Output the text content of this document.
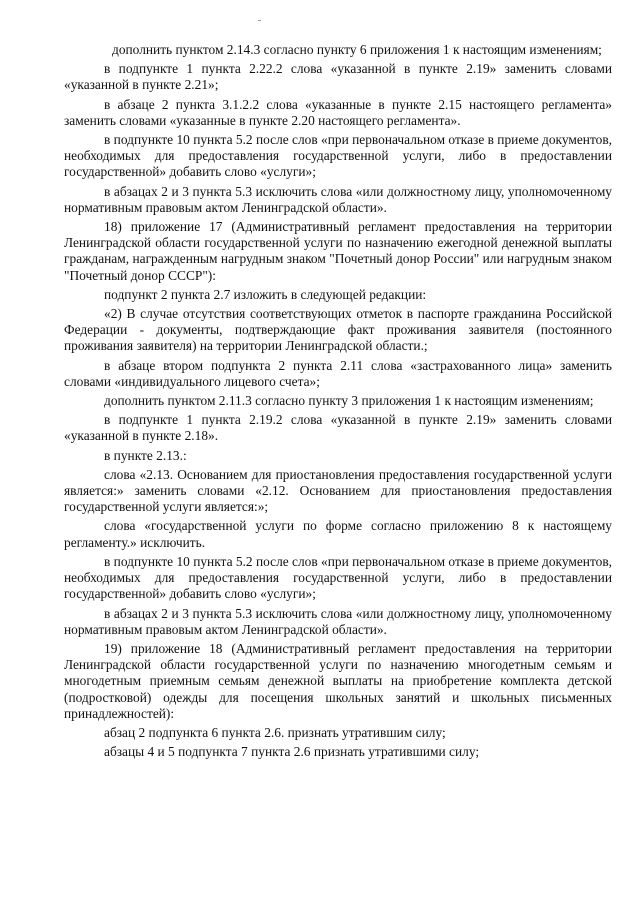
дополнить пунктом 2.14.3 согласно пункту 6 приложения 1 к настоящим изменениям;

в подпункте 1 пункта 2.22.2 слова «указанной в пункте 2.19» заменить словами «указанной в пункте 2.21»;

в абзаце 2 пункта 3.1.2.2 слова «указанные в пункте 2.15 настоящего регламента» заменить словами «указанные в пункте 2.20 настоящего регламента».

в подпункте 10 пункта 5.2 после слов «при первоначальном отказе в приеме документов, необходимых для предоставления государственной услуги, либо в предоставлении государственной» добавить слово «услуги»;

в абзацах 2 и 3 пункта 5.3 исключить слова «или должностному лицу, уполномоченному нормативным правовым актом Ленинградской области».

18) приложение 17 (Административный регламент предоставления на территории Ленинградской области государственной услуги по назначению ежегодной денежной выплаты гражданам, награжденным нагрудным знаком "Почетный донор России" или нагрудным знаком "Почетный донор СССР"):

подпункт 2 пункта 2.7 изложить в следующей редакции:

«2) В случае отсутствия соответствующих отметок в паспорте гражданина Российской Федерации - документы, подтверждающие факт проживания заявителя (постоянного проживания заявителя) на территории Ленинградской области.;

в абзаце втором подпункта 2 пункта 2.11 слова «застрахованного лица» заменить словами «индивидуального лицевого счета»;

дополнить пунктом 2.11.3 согласно пункту 3 приложения 1 к настоящим изменениям;

в подпункте 1 пункта 2.19.2 слова «указанной в пункте 2.19» заменить словами «указанной в пункте 2.18».

в пункте 2.13.:

слова «2.13. Основанием для приостановления предоставления государственной услуги является:» заменить словами «2.12. Основанием для приостановления предоставления государственной услуги является:»;

слова «государственной услуги по форме согласно приложению 8 к настоящему регламенту.» исключить.

в подпункте 10 пункта 5.2 после слов «при первоначальном отказе в приеме документов, необходимых для предоставления государственной услуги, либо в предоставлении государственной» добавить слово «услуги»;

в абзацах 2 и 3 пункта 5.3 исключить слова «или должностному лицу, уполномоченному нормативным правовым актом Ленинградской области».

19) приложение 18 (Административный регламент предоставления на территории Ленинградской области государственной услуги по назначению многодетным семьям и многодетным приемным семьям денежной выплаты на приобретение комплекта детской (подростковой) одежды для посещения школьных занятий и школьных письменных принадлежностей):

абзац 2 подпункта 6 пункта 2.6. признать утратившим силу;

абзацы 4 и 5 подпункта 7 пункта 2.6 признать утратившими силу;
